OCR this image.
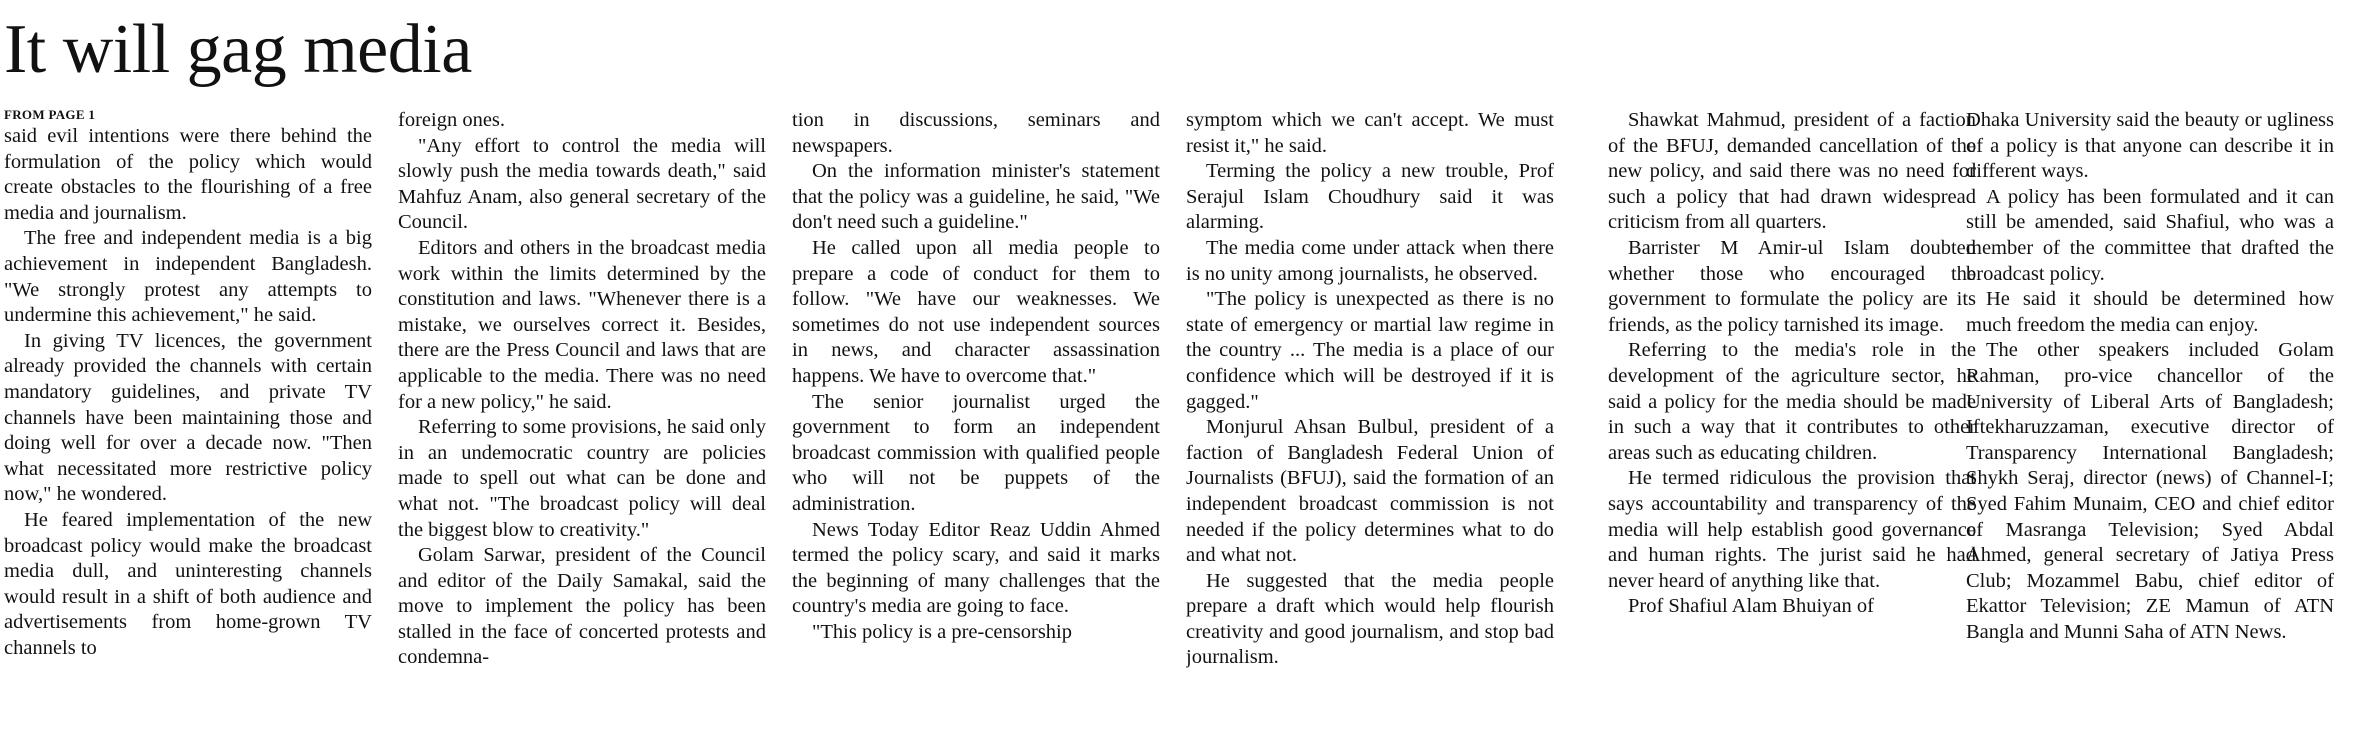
It will gag media
FROM PAGE 1

said evil intentions were there behind the formulation of the policy which would create obstacles to the flourishing of a free media and journalism.

The free and independent media is a big achievement in independent Bangladesh. "We strongly protest any attempts to undermine this achievement," he said.

In giving TV licences, the government already provided the channels with certain mandatory guidelines, and private TV channels have been maintaining those and doing well for over a decade now. "Then what necessitated more restrictive policy now," he wondered.

He feared implementation of the new broadcast policy would make the broadcast media dull, and uninteresting channels would result in a shift of both audience and advertisements from home-grown TV channels to

foreign ones.

"Any effort to control the media will slowly push the media towards death," said Mahfuz Anam, also general secretary of the Council.

Editors and others in the broadcast media work within the limits determined by the constitution and laws. "Whenever there is a mistake, we ourselves correct it. Besides, there are the Press Council and laws that are applicable to the media. There was no need for a new policy," he said.

Referring to some provisions, he said only in an undemocratic country are policies made to spell out what can be done and what not. "The broadcast policy will deal the biggest blow to creativity."

Golam Sarwar, president of the Council and editor of the Daily Samakal, said the move to implement the policy has been stalled in the face of concerted protests and condemna-

tion in discussions, seminars and newspapers.

On the information minister's statement that the policy was a guideline, he said, "We don't need such a guideline."

He called upon all media people to prepare a code of conduct for them to follow. "We have our weaknesses. We sometimes do not use independent sources in news, and character assassination happens. We have to overcome that."

The senior journalist urged the government to form an independent broadcast commission with qualified people who will not be puppets of the administration.

News Today Editor Reaz Uddin Ahmed termed the policy scary, and said it marks the beginning of many challenges that the country's media are going to face.

"This policy is a pre-censorship

symptom which we can't accept. We must resist it," he said.

Terming the policy a new trouble, Prof Serajul Islam Choudhury said it was alarming.

The media come under attack when there is no unity among journalists, he observed.

"The policy is unexpected as there is no state of emergency or martial law regime in the country ... The media is a place of our confidence which will be destroyed if it is gagged."

Monjurul Ahsan Bulbul, president of a faction of Bangladesh Federal Union of Journalists (BFUJ), said the formation of an independent broadcast commission is not needed if the policy determines what to do and what not.

He suggested that the media people prepare a draft which would help flourish creativity and good journalism, and stop bad journalism.

Shawkat Mahmud, president of a faction of the BFUJ, demanded cancellation of the new policy, and said there was no need for such a policy that had drawn widespread criticism from all quarters.

Barrister M Amir-ul Islam doubted whether those who encouraged the government to formulate the policy are its friends, as the policy tarnished its image.

Referring to the media's role in the development of the agriculture sector, he said a policy for the media should be made in such a way that it contributes to other areas such as educating children.

He termed ridiculous the provision that says accountability and transparency of the media will help establish good governance and human rights. The jurist said he had never heard of anything like that.

Prof Shafiul Alam Bhuiyan of

Dhaka University said the beauty or ugliness of a policy is that anyone can describe it in different ways.

A policy has been formulated and it can still be amended, said Shafiul, who was a member of the committee that drafted the broadcast policy.

He said it should be determined how much freedom the media can enjoy.

The other speakers included Golam Rahman, pro-vice chancellor of the University of Liberal Arts of Bangladesh; Iftekharuzzaman, executive director of Transparency International Bangladesh; Shykh Seraj, director (news) of Channel-I; Syed Fahim Munaim, CEO and chief editor of Masranga Television; Syed Abdal Ahmed, general secretary of Jatiya Press Club; Mozammel Babu, chief editor of Ekattor Television; ZE Mamun of ATN Bangla and Munni Saha of ATN News.
